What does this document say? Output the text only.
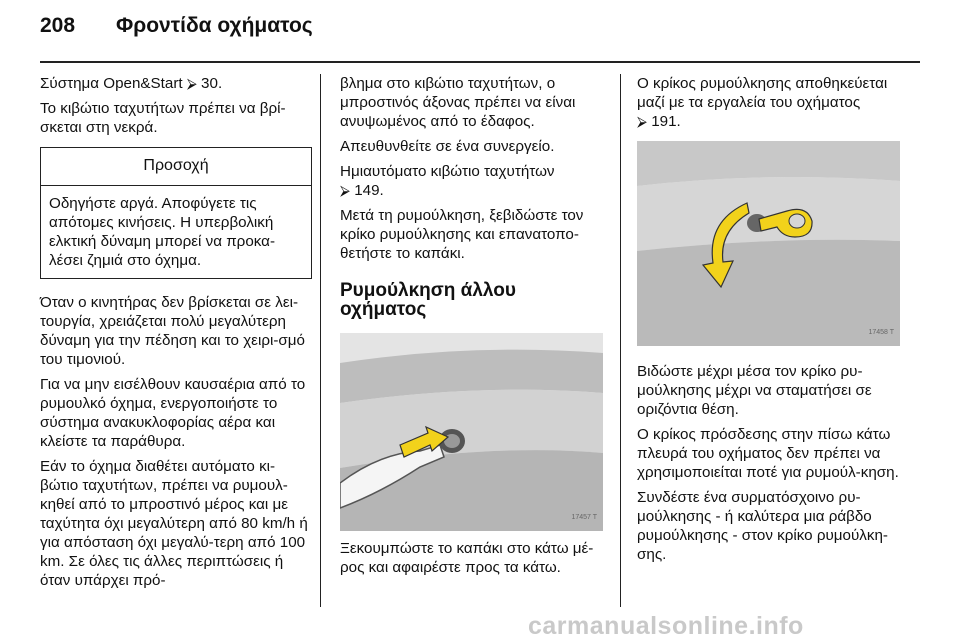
208 Φροντίδα οχήματος

Σύστημα Open&Start ⮚ 30.

Το κιβώτιο ταχυτήτων πρέπει να βρί-σκεται στη νεκρά.

Προσοχή
Οδηγήστε αργά. Αποφύγετε τις απότομες κινήσεις. Η υπερβολική ελκτική δύναμη μπορεί να προκα-λέσει ζημιά στο όχημα.

Όταν ο κινητήρας δεν βρίσκεται σε λει-τουργία, χρειάζεται πολύ μεγαλύτερη δύναμη για την πέδηση και το χειρι-σμό του τιμονιού.

Για να μην εισέλθουν καυσαέρια από το ρυμουλκό όχημα, ενεργοποιήστε το σύστημα ανακυκλοφορίας αέρα και κλείστε τα παράθυρα.

Εάν το όχημα διαθέτει αυτόματο κι-βώτιο ταχυτήτων, πρέπει να ρυμουλ-κηθεί από το μπροστινό μέρος και με ταχύτητα όχι μεγαλύτερη από 80 km/h ή για απόσταση όχι μεγαλύ-τερη από 100 km. Σε όλες τις άλλες περιπτώσεις ή όταν υπάρχει πρό-

βλημα στο κιβώτιο ταχυτήτων, ο μπροστινός άξονας πρέπει να είναι ανυψωμένος από το έδαφος.

Απευθυνθείτε σε ένα συνεργείο.

Ημιαυτόματο κιβώτιο ταχυτήτων
⮚ 149.

Μετά τη ρυμούλκηση, ξεβιδώστε τον κρίκο ρυμούλκησης και επανατοπο-θετήστε το καπάκι.

Ρυμούλκηση άλλου οχήματος
17457 T

Ξεκουμπώστε το καπάκι στο κάτω μέ-ρος και αφαιρέστε προς τα κάτω.

Ο κρίκος ρυμούλκησης αποθηκεύεται μαζί με τα εργαλεία του οχήματος
⮚ 191.

17458 T

Βιδώστε μέχρι μέσα τον κρίκο ρυ-μούλκησης μέχρι να σταματήσει σε οριζόντια θέση.

Ο κρίκος πρόσδεσης στην πίσω κάτω πλευρά του οχήματος δεν πρέπει να χρησιμοποιείται ποτέ για ρυμούλ-κηση.

Συνδέστε ένα συρματόσχοινο ρυ-μούλκησης - ή καλύτερα μια ράβδο ρυμούλκησης - στον κρίκο ρυμούλκη-σης.

carmanualsonline.info
